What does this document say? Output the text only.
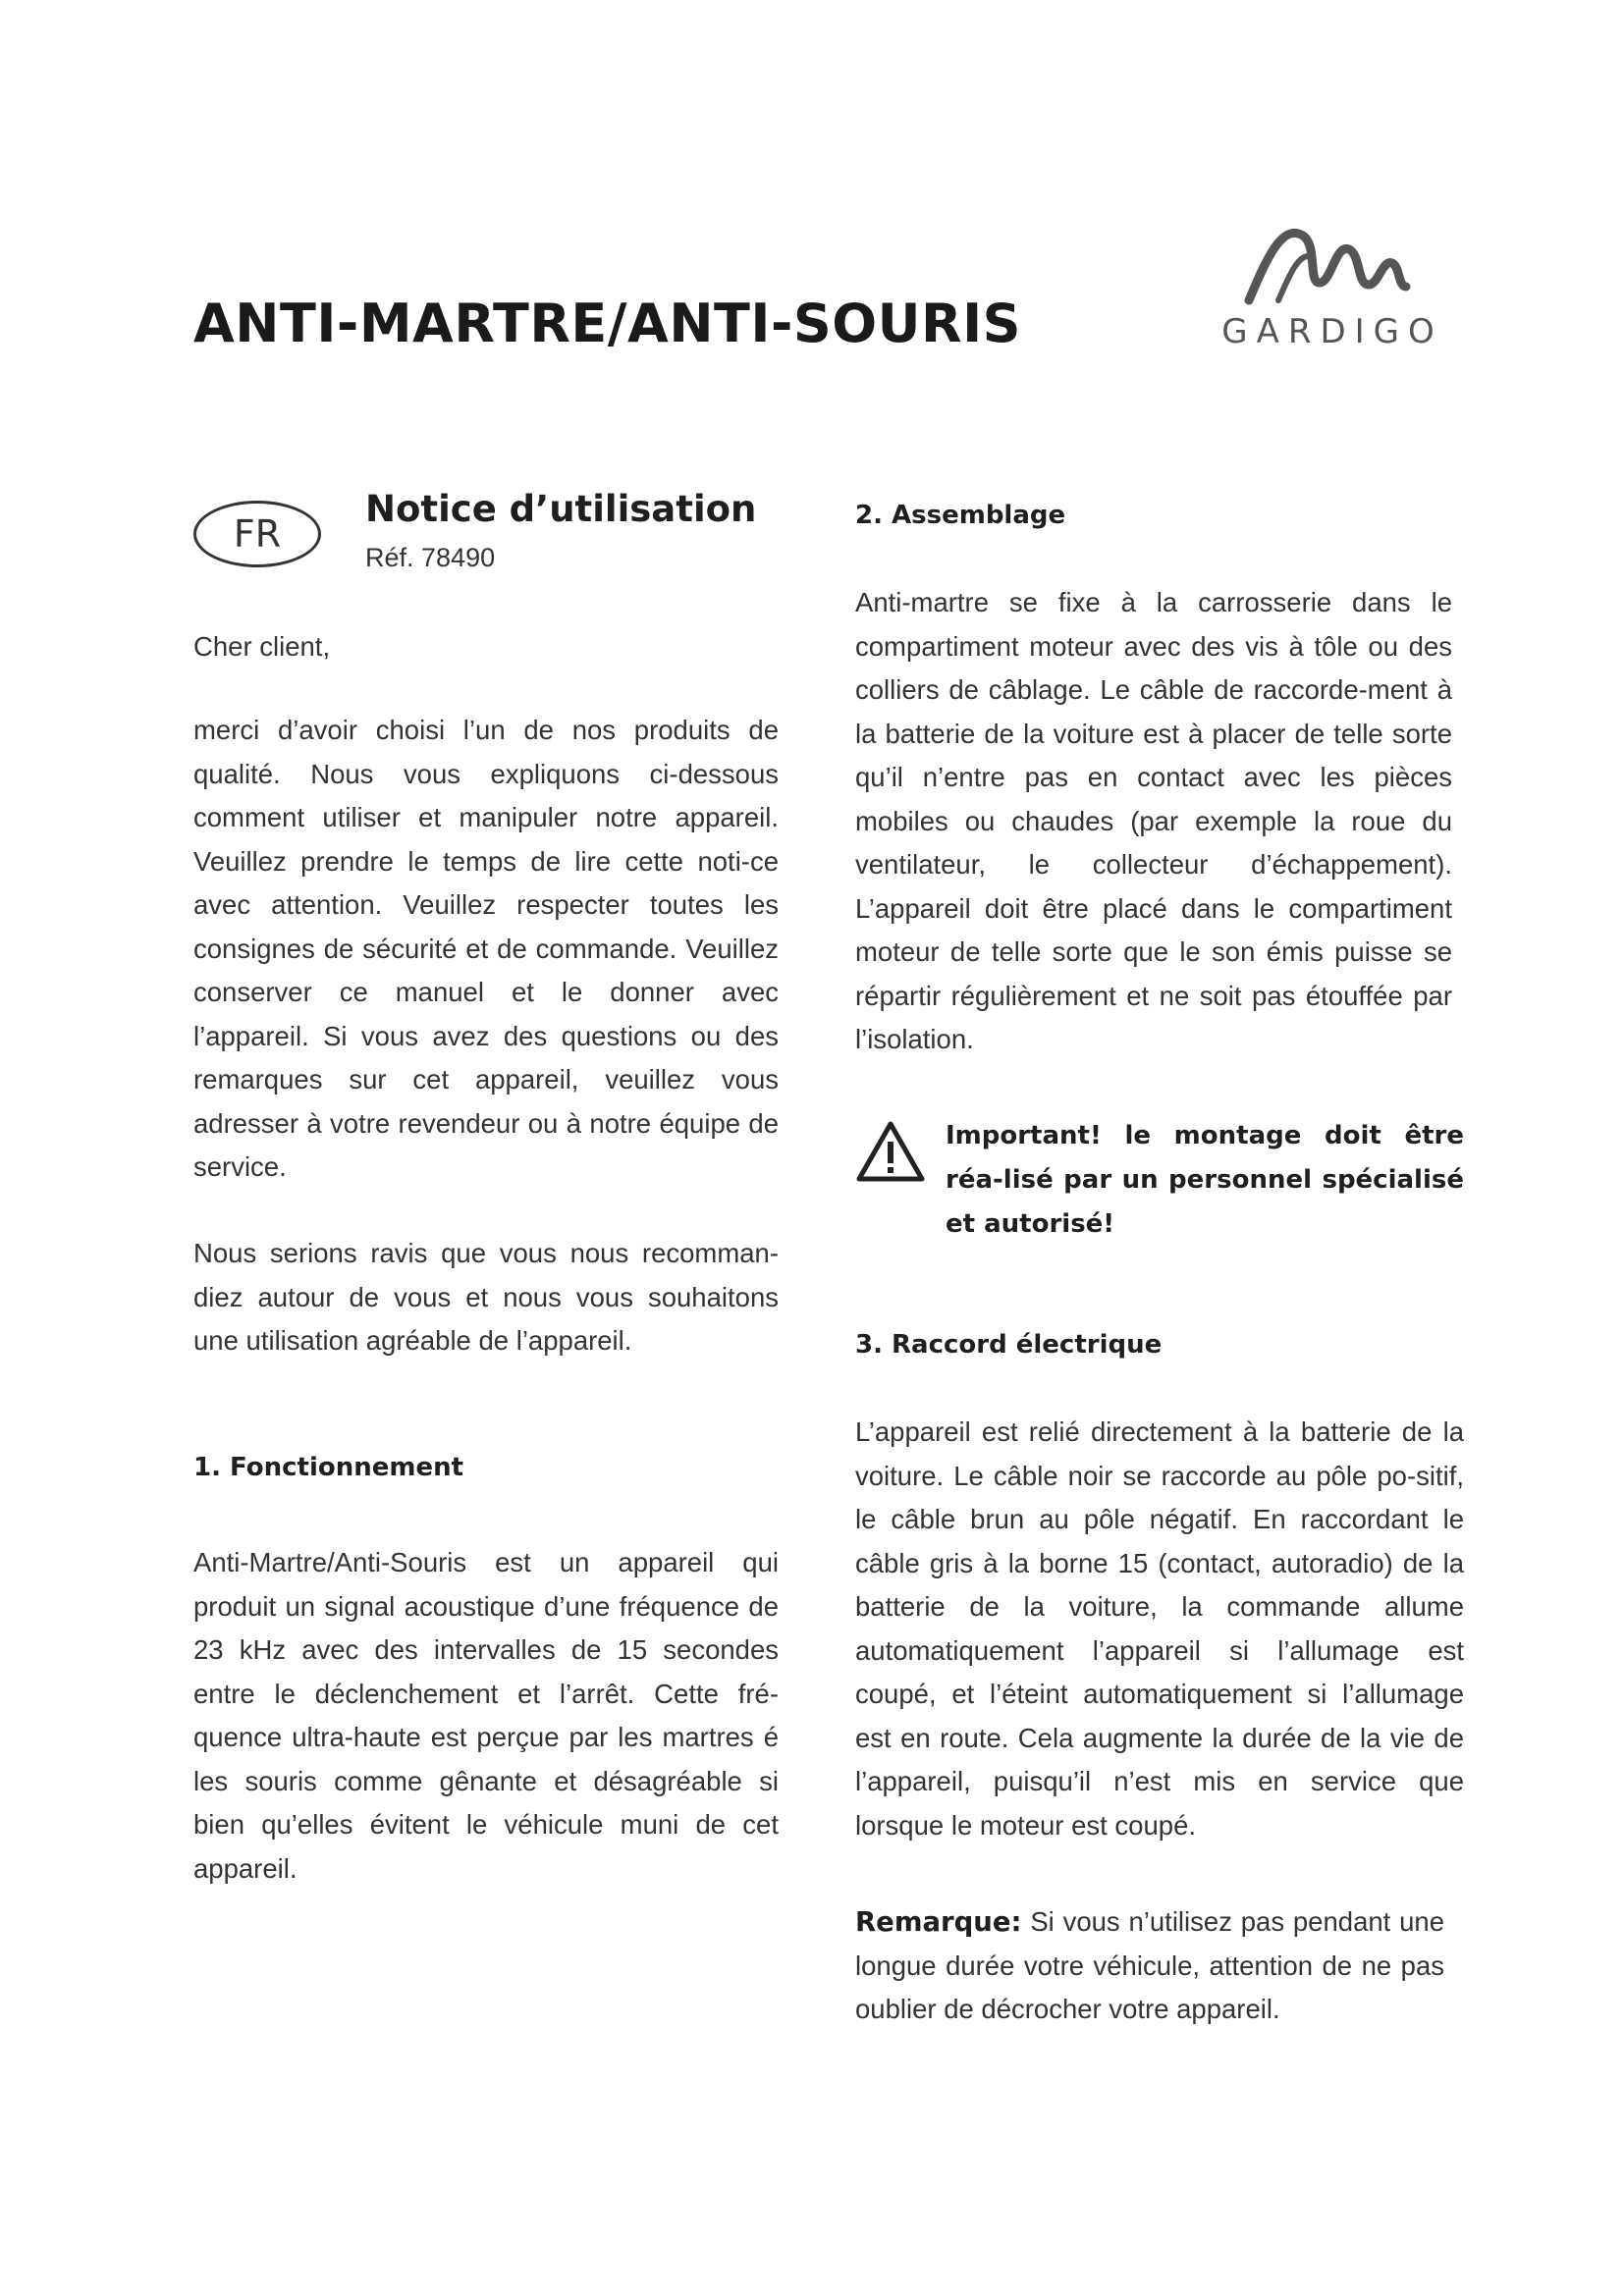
ANTI-MARTRE/ANTI-SOURIS	GARDIGO
FR
Notice d’utilisation
Réf. 78490

Cher client,

merci d’avoir choisi l’un de nos produits de qualité. Nous vous expliquons ci-dessous comment utiliser et manipuler notre appareil. Veuillez prendre le temps de lire cette noti-ce avec attention. Veuillez respecter toutes les consignes de sécurité et de commande. Veuillez conserver ce manuel et le donner avec l’appareil. Si vous avez des questions ou des remarques sur cet appareil, veuillez vous adresser à votre revendeur ou à notre équipe de service.

Nous serions ravis que vous nous recomman-diez autour de vous et nous vous souhaitons une utilisation agréable de l’appareil.

1. Fonctionnement

Anti-Martre/Anti-Souris est un appareil qui produit un signal acoustique d’une fréquence de 23 kHz avec des intervalles de 15 secondes entre le déclenchement et l’arrêt. Cette fré-quence ultra-haute est perçue par les martres é les souris comme gênante et désagréable si bien qu’elles évitent le véhicule muni de cet appareil.

2. Assemblage

Anti-martre se fixe à la carrosserie dans le compartiment moteur avec des vis à tôle ou des colliers de câblage. Le câble de raccorde-ment à la batterie de la voiture est à placer de telle sorte qu’il n’entre pas en contact avec les pièces mobiles ou chaudes (par exemple la roue du ventilateur, le collecteur d’échappement). L’appareil doit être placé dans le compartiment moteur de telle sorte que le son émis puisse se répartir régulièrement et ne soit pas étouffée par l’isolation.

Important! le montage doit être réa-lisé par un personnel spécialisé et autorisé!

3. Raccord électrique

L’appareil est relié directement à la batterie de la voiture. Le câble noir se raccorde au pôle po-sitif, le câble brun au pôle négatif. En raccordant le câble gris à la borne 15 (contact, autoradio) de la batterie de la voiture, la commande allume automatiquement l’appareil si l’allumage est coupé, et l’éteint automatiquement si l’allumage est en route. Cela augmente la durée de la vie de l’appareil, puisqu’il n’est mis en service que lorsque le moteur est coupé.

Remarque: Si vous n’utilisez pas pendant une longue durée votre véhicule, attention de ne pas oublier de décrocher votre appareil.
